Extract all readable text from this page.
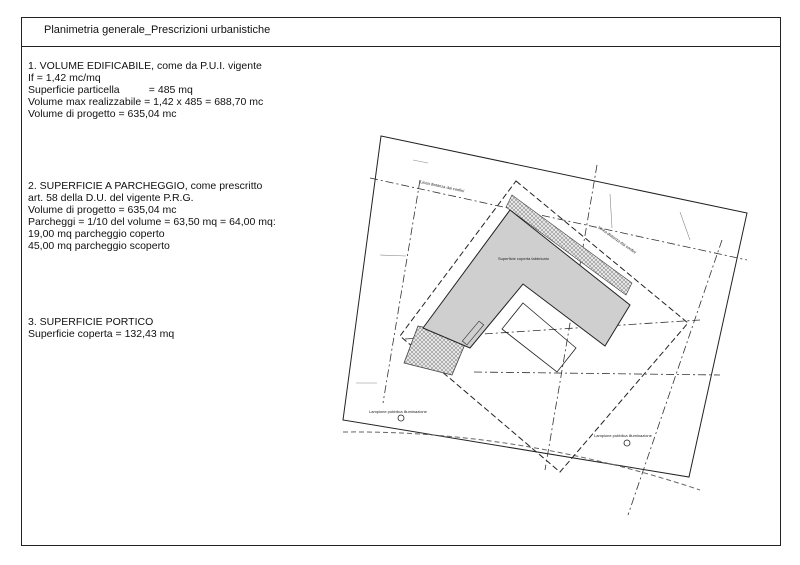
Planimetria generale_Prescrizioni urbanistiche
1. VOLUME EDIFICABILE, come da P.U.I. vigente
If = 1,42 mc/mq
Superficie particella          = 485 mq
Volume max realizzabile = 1,42 x 485 = 688,70 mc
Volume di progetto = 635,04 mc
2. SUPERFICIE A PARCHEGGIO, come prescritto
art. 58 della D.U. del vigente P.R.G.
Volume di progetto = 635,04 mc
Parcheggi = 1/10 del volume = 63,50 mq = 64,00 mq:
19,00 mq parcheggio coperto
45,00 mq parcheggio scoperto
3. SUPERFICIE PORTICO
Superficie coperta = 132,43 mq
Superficie coperta fabbricato
Linea distanza dai confini
Linea distanza dai confini
Lampione pubblica illuminazione
Lampione pubblica illuminazione
